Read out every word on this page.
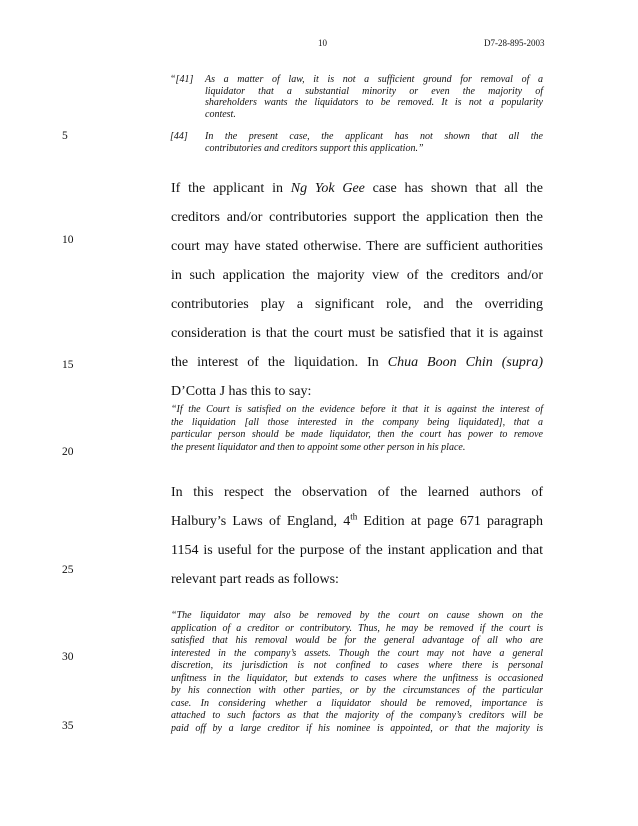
10	D7-28-895-2003
5
10
15
20
25
30
35
“[41] As a matter of law, it is not a sufficient ground for removal of a
liquidator that a substantial minority or even the majority of
shareholders wants the liquidators to be removed. It is not a popularity
contest.
[44] In the present case, the applicant has not shown that all the
contributories and creditors support this application.”
If the applicant in Ng Yok Gee case has shown that all the
creditors and/or contributories support the application then the
court may have stated otherwise. There are sufficient authorities
in such application the majority view of the creditors and/or
contributories play a significant role, and the overriding
consideration is that the court must be satisfied that it is against
the interest of the liquidation. In Chua Boon Chin (supra)
D’Cotta J has this to say:
“If the Court is satisfied on the evidence before it that it is against the interest of
the liquidation [all those interested in the company being liquidated], that a
particular person should be made liquidator, then the court has power to remove
the present liquidator and then to appoint some other person in his place.
In this respect the observation of the learned authors of
Halbury’s Laws of England, 4th Edition at page 671 paragraph
1154 is useful for the purpose of the instant application and that
relevant part reads as follows:
“The liquidator may also be removed by the court on cause shown on the
application of a creditor or contributory. Thus, he may be removed if the court is
satisfied that his removal would be for the general advantage of all who are
interested in the company’s assets. Though the court may not have a general
discretion, its jurisdiction is not confined to cases where there is personal
unfitness in the liquidator, but extends to cases where the unfitness is occasioned
by his connection with other parties, or by the circumstances of the particular
case. In considering whether a liquidator should be removed, importance is
attached to such factors as that the majority of the company’s creditors will be
paid off by a large creditor if his nominee is appointed, or that the majority is
